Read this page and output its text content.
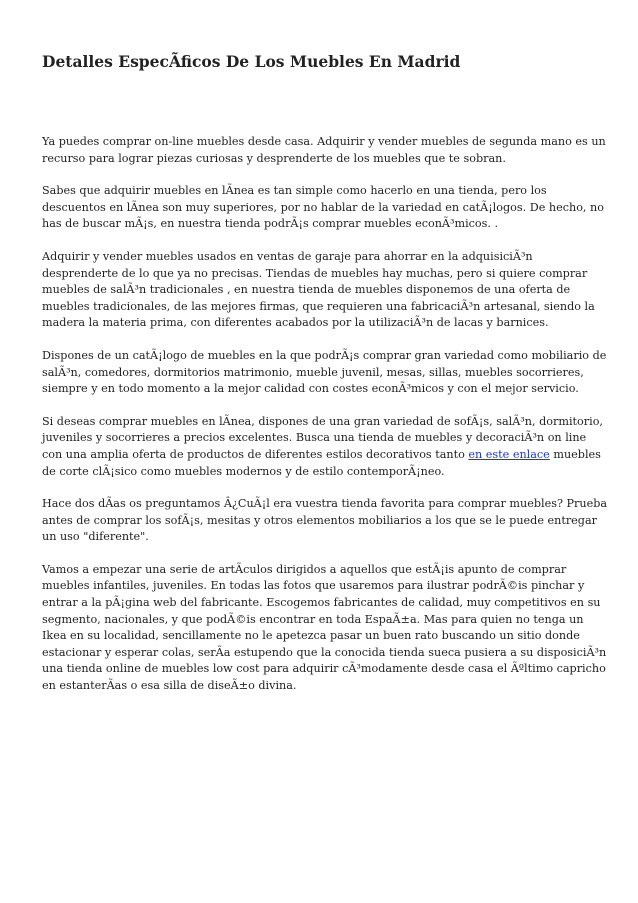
Detalles EspecÃficos De Los Muebles En Madrid

Ya puedes comprar on-line muebles desde casa. Adquirir y vender muebles de segunda mano es un recurso para lograr piezas curiosas y desprenderte de los muebles que te sobran.

Sabes que adquirir muebles en lÃnea es tan simple como hacerlo en una tienda, pero los descuentos en lÃnea son muy superiores, por no hablar de la variedad en catÃ¡logos. De hecho, no has de buscar mÃ¡s, en nuestra tienda podrÃ¡s comprar muebles econÃ³micos. .

Adquirir y vender muebles usados en ventas de garaje para ahorrar en la adquisiciÃ³n desprenderte de lo que ya no precisas. Tiendas de muebles hay muchas, pero si quiere comprar muebles de salÃ³n tradicionales , en nuestra tienda de muebles disponemos de una oferta de muebles tradicionales, de las mejores firmas, que requieren una fabricaciÃ³n artesanal, siendo la madera la materia prima, con diferentes acabados por la utilizaciÃ³n de lacas y barnices.

Dispones de un catÃ¡logo de muebles en la que podrÃ¡s comprar gran variedad como mobiliario de salÃ³n, comedores, dormitorios matrimonio, mueble juvenil, mesas, sillas, muebles socorrieres, siempre y en todo momento a la mejor calidad con costes econÃ³micos y con el mejor servicio.

Si deseas comprar muebles en lÃnea, dispones de una gran variedad de sofÃ¡s, salÃ³n, dormitorio, juveniles y socorrieres a precios excelentes. Busca una tienda de muebles y decoraciÃ³n on line con una amplia oferta de productos de diferentes estilos decorativos tanto en este enlace muebles de corte clÃ¡sico como muebles modernos y de estilo contemporÃ¡neo.

Hace dos dÃas os preguntamos Â¿CuÃ¡l era vuestra tienda favorita para comprar muebles? Prueba antes de comprar los sofÃ¡s, mesitas y otros elementos mobiliarios a los que se le puede entregar un uso "diferente".

Vamos a empezar una serie de artÃculos dirigidos a aquellos que estÃ¡is apunto de comprar muebles infantiles, juveniles. En todas las fotos que usaremos para ilustrar podrÃ©is pinchar y entrar a la pÃ¡gina web del fabricante. Escogemos fabricantes de calidad, muy competitivos en su segmento, nacionales, y que podÃ©is encontrar en toda EspaÃ±a. Mas para quien no tenga un Ikea en su localidad, sencillamente no le apetezca pasar un buen rato buscando un sitio donde estacionar y esperar colas, serÃa estupendo que la conocida tienda sueca pusiera a su disposiciÃ³n una tienda online de muebles low cost para adquirir cÃ³modamente desde casa el Ãºltimo capricho en estanterÃas o esa silla de diseÃ±o divina.
